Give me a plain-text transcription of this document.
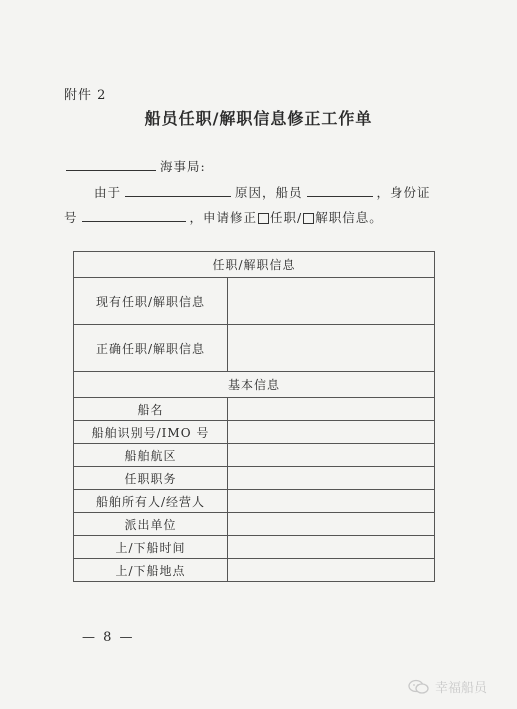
附件 2
船员任职/解职信息修正工作单
海事局:
由于	原因，船员	，身份证
号	，申请修正 任职/ 解职信息。
任职/解职信息	
现有任职/解职信息	
正确任职/解职信息	
基本信息	
船名	
船舶识别号/IMO 号	
船舶航区	
任职职务	
船舶所有人/经营人	
派出单位	
上/下船时间	
上/下船地点	
— 8 —
幸福船员
